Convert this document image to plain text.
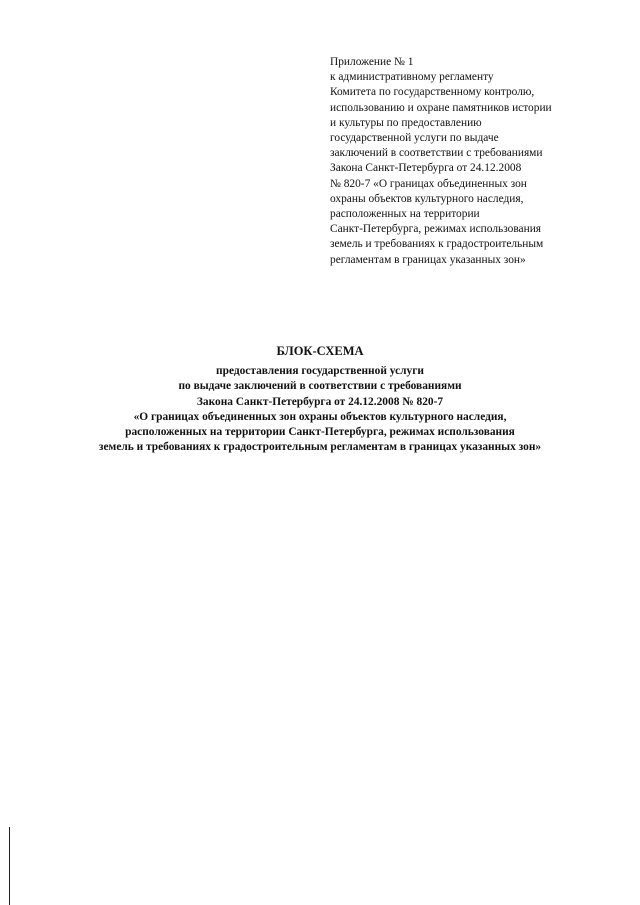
Приложение № 1
к административному регламенту
Комитета по государственному контролю,
использованию и охране памятников истории
и культуры по предоставлению
государственной услуги по выдаче
заключений в соответствии с требованиями
Закона Санкт-Петербурга от 24.12.2008
№ 820-7 «О границах объединенных зон
охраны объектов культурного наследия,
расположенных на территории
Санкт-Петербурга, режимах использования
земель и требованиях к градостроительным
регламентам в границах указанных зон»
БЛОК-СХЕМА
предоставления государственной услуги
по выдаче заключений в соответствии с требованиями
Закона Санкт-Петербурга от 24.12.2008 № 820-7
«О границах объединенных зон охраны объектов культурного наследия,
расположенных на территории Санкт-Петербурга, режимах использования
земель и требованиях к градостроительным регламентам в границах указанных зон»
